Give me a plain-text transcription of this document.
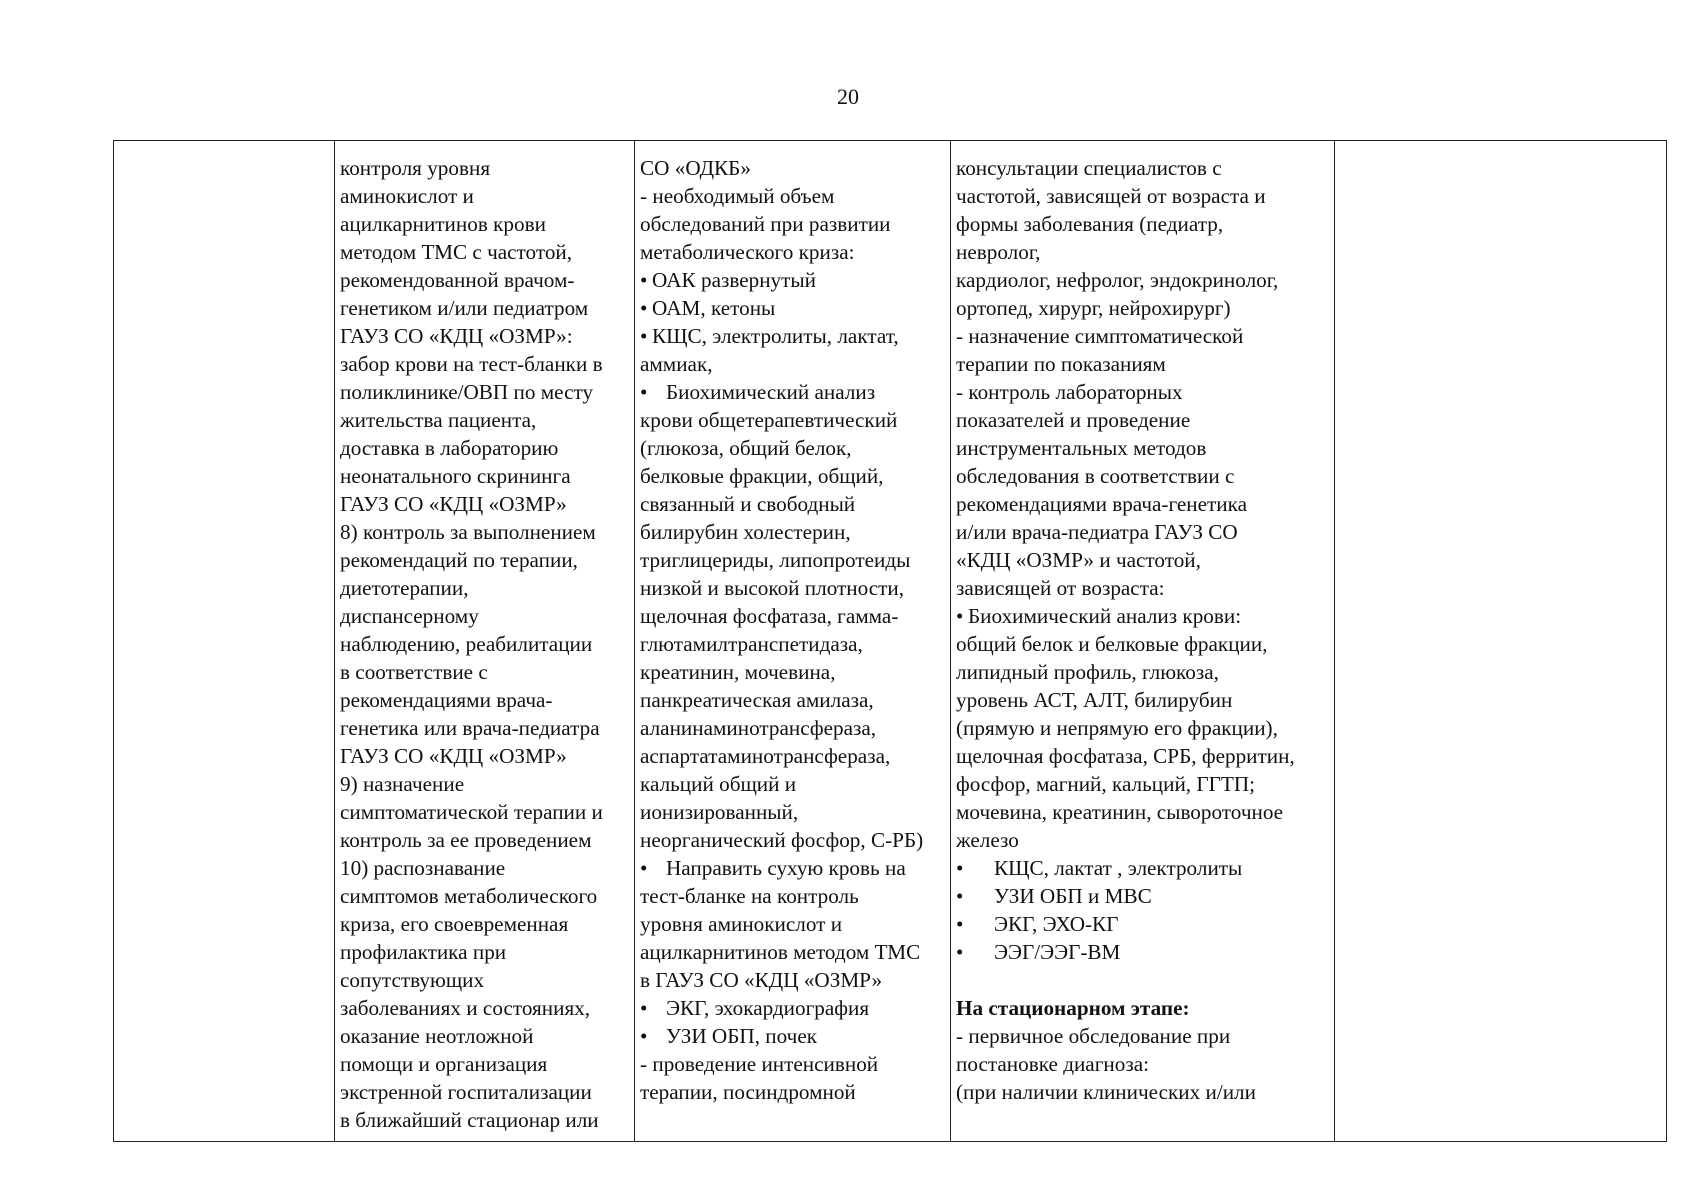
20

контроля уровня
аминокислот и
ацилкарнитинов крови
методом ТМС с частотой,
рекомендованной врачом-
генетиком и/или педиатром
ГАУЗ СО «КДЦ «ОЗМР»:
забор крови на тест-бланки в
поликлинике/ОВП по месту
жительства пациента,
доставка в лабораторию
неонатального скрининга
ГАУЗ СО «КДЦ «ОЗМР»
8) контроль за выполнением
рекомендаций по терапии,
диетотерапии,
диспансерному
наблюдению, реабилитации
в соответствие с
рекомендациями врача-
генетика или врача-педиатра
ГАУЗ СО «КДЦ «ОЗМР»
9) назначение
симптоматической терапии и
контроль за ее проведением
10) распознавание
симптомов метаболического
криза, его своевременная
профилактика при
сопутствующих
заболеваниях и состояниях,
оказание неотложной
помощи и организация
экстренной госпитализации
в ближайший стационар или

СО «ОДКБ»
- необходимый объем
обследований при развитии
метаболического криза:
• ОАК развернутый
• ОАМ, кетоны
• КЩС, электролиты, лактат,
аммиак,
• Биохимический анализ
крови общетерапевтический
(глюкоза, общий белок,
белковые фракции, общий,
связанный и свободный
билирубин холестерин,
триглицериды, липопротеиды
низкой и высокой плотности,
щелочная фосфатаза, гамма-
глютамилтранспетидаза,
креатинин, мочевина,
панкреатическая амилаза,
аланинаминотрансфераза,
аспартатаминотрансфераза,
кальций общий и
ионизированный,
неорганический фосфор, С-РБ)
• Направить сухую кровь на
тест-бланке на контроль
уровня аминокислот и
ацилкарнитинов методом ТМС
в ГАУЗ СО «КДЦ «ОЗМР»
• ЭКГ, эхокардиография
• УЗИ ОБП, почек
- проведение интенсивной
терапии, посиндромной

консультации специалистов с
частотой, зависящей от возраста и
формы заболевания (педиатр,
невролог,
кардиолог, нефролог, эндокринолог,
ортопед, хирург, нейрохирург)
- назначение симптоматической
терапии по показаниям
- контроль лабораторных
показателей и проведение
инструментальных методов
обследования в соответствии с
рекомендациями врача-генетика
и/или врача-педиатра ГАУЗ СО
«КДЦ «ОЗМР» и частотой,
зависящей от возраста:
• Биохимический анализ крови:
общий белок и белковые фракции,
липидный профиль, глюкоза,
уровень АСТ, АЛТ, билирубин
(прямую и непрямую его фракции),
щелочная фосфатаза, СРБ, ферритин,
фосфор, магний, кальций, ГГТП;
мочевина, креатинин, сывороточное
железо
• КЩС, лактат , электролиты
• УЗИ ОБП и МВС
• ЭКГ, ЭХО-КГ
• ЭЭГ/ЭЭГ-ВМ
На стационарном этапе:
- первичное обследование при
постановке диагноза:
(при наличии клинических и/или
